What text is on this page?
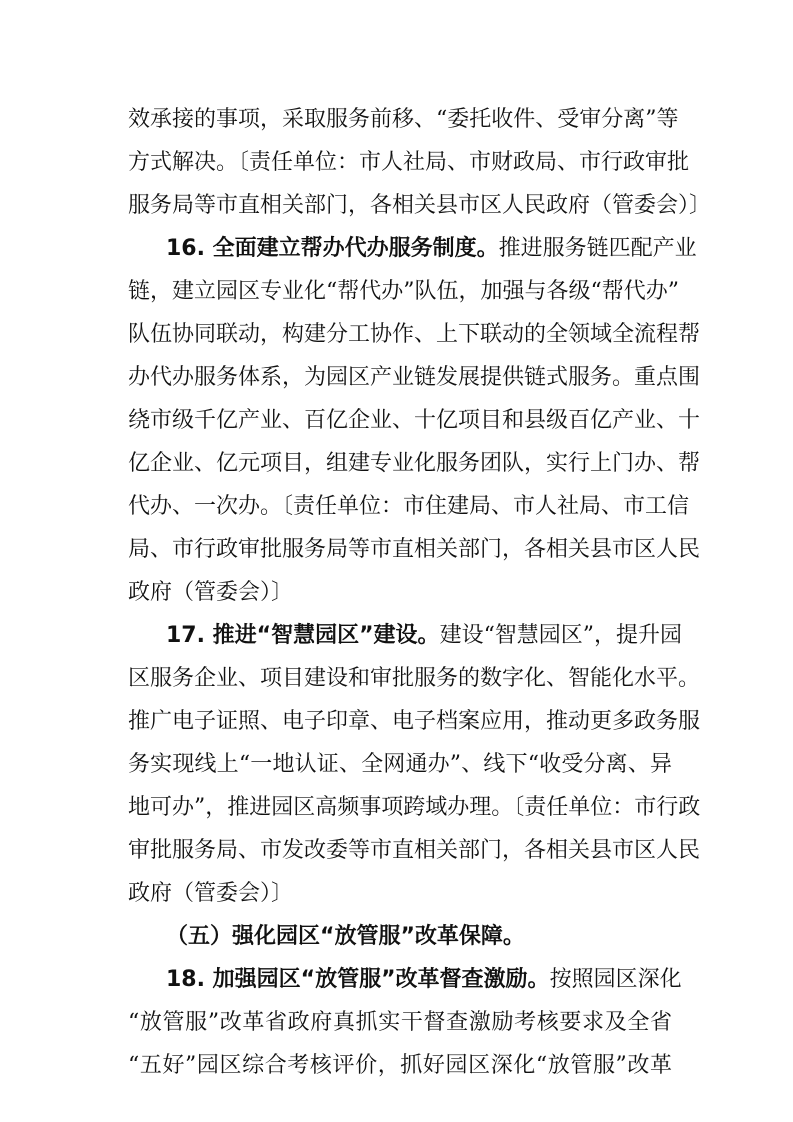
效承接的事项，采取服务前移、“委托收件、受审分离”等
方式解决。〔责任单位：市人社局、市财政局、市行政审批
服务局等市直相关部门，各相关县市区人民政府（管委会）〕
16. 全面建立帮办代办服务制度。推进服务链匹配产业
链，建立园区专业化“帮代办”队伍，加强与各级“帮代办”
队伍协同联动，构建分工协作、上下联动的全领域全流程帮
办代办服务体系，为园区产业链发展提供链式服务。重点围
绕市级千亿产业、百亿企业、十亿项目和县级百亿产业、十
亿企业、亿元项目，组建专业化服务团队，实行上门办、帮
代办、一次办。〔责任单位：市住建局、市人社局、市工信
局、市行政审批服务局等市直相关部门，各相关县市区人民
政府（管委会）〕
17. 推进“智慧园区”建设。建设“智慧园区”，提升园
区服务企业、项目建设和审批服务的数字化、智能化水平。
推广电子证照、电子印章、电子档案应用，推动更多政务服
务实现线上“一地认证、全网通办”、线下“收受分离、异
地可办”，推进园区高频事项跨域办理。〔责任单位：市行政
审批服务局、市发改委等市直相关部门，各相关县市区人民
政府（管委会）〕
（五）强化园区“放管服”改革保障。
18. 加强园区“放管服”改革督查激励。按照园区深化
“放管服”改革省政府真抓实干督查激励考核要求及全省
“五好”园区综合考核评价，抓好园区深化“放管服”改革
